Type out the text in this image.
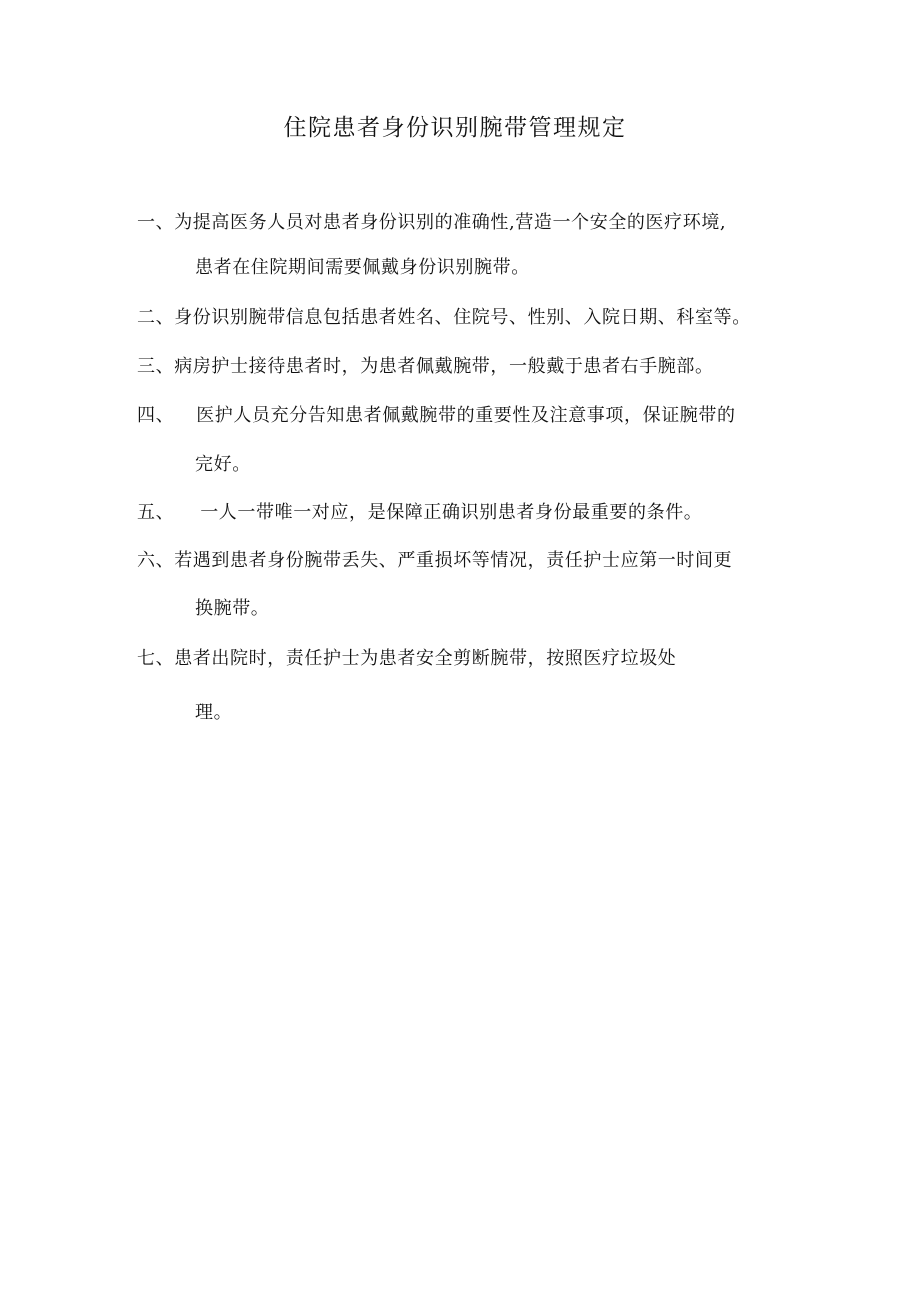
住院患者身份识别腕带管理规定
一、为提高医务人员对患者身份识别的准确性,营造一个安全的医疗环境,
患者在住院期间需要佩戴身份识别腕带。
二、身份识别腕带信息包括患者姓名、住院号、性别、入院日期、科室等。
三、病房护士接待患者时，为患者佩戴腕带，一般戴于患者右手腕部。
四、 医护人员充分告知患者佩戴腕带的重要性及注意事项，保证腕带的
完好。
五、 一人一带唯一对应，是保障正确识别患者身份最重要的条件。
六、若遇到患者身份腕带丢失、严重损坏等情况，责任护士应第一时间更
换腕带。
七、患者出院时，责任护士为患者安全剪断腕带，按照医疗垃圾处
理。
